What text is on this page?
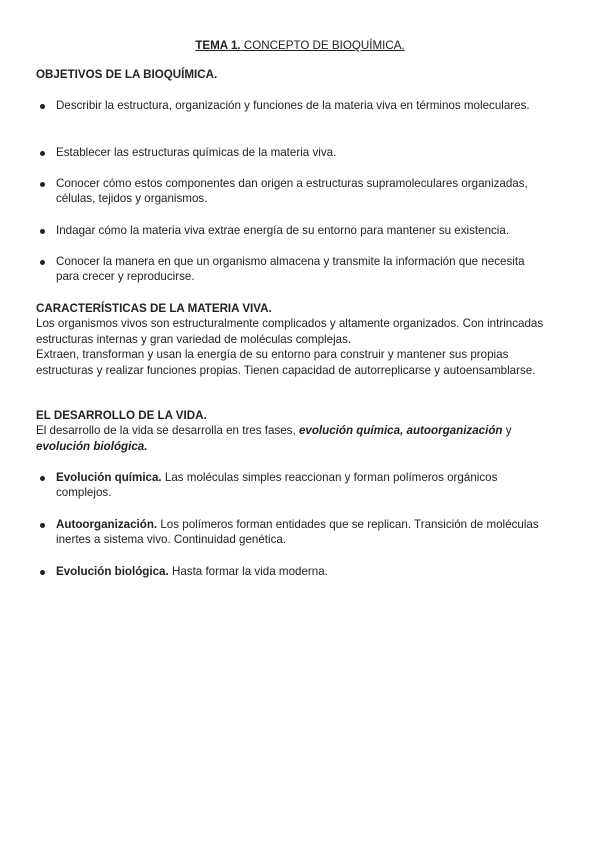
TEMA 1. CONCEPTO DE BIOQUÍMICA.

OBJETIVOS DE LA BIOQUÍMICA.

Describir la estructura, organización y funciones de la materia viva en términos moleculares.
Establecer las estructuras químicas de la materia viva.
Conocer cómo estos componentes dan origen a estructuras supramoleculares organizadas, células, tejidos y organismos.
Indagar cómo la materia viva extrae energía de su entorno para mantener su existencia.
Conocer la manera en que un organismo almacena y transmite la información que necesita para crecer y reproducirse.

CARACTERÍSTICAS DE LA MATERIA VIVA.

Los organismos vivos son estructuralmente complicados y altamente organizados. Con intrincadas estructuras internas y gran variedad de moléculas complejas.

Extraen, transforman y usan la energía de su entorno para construir y mantener sus propias estructuras y realizar funciones propias. Tienen capacidad de autorreplicarse y autoensamblarse.

EL DESARROLLO DE LA VIDA.

El desarrollo de la vida se desarrolla en tres fases, evolución química, autoorganización y evolución biológica.

Evolución química. Las moléculas simples reaccionan y forman polímeros orgánicos complejos.
Autoorganización. Los polímeros forman entidades que se replican. Transición de moléculas inertes a sistema vivo. Continuidad genética.
Evolución biológica. Hasta formar la vida moderna.
